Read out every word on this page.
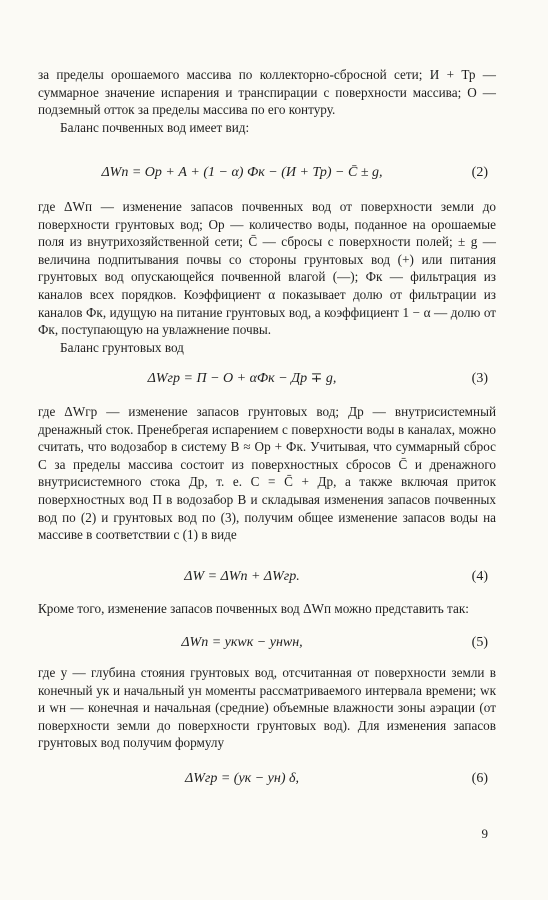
за пределы орошаемого массива по коллекторно-сбросной сети; И + Тр — суммарное значение испарения и транспирации с поверхности массива; О — подземный отток за пределы массива по его контуру.

Баланс почвенных вод имеет вид:

ΔWп = Ор + А + (1 − α) Фк − (И + Тр) − C̄ ± g,	(2)

где ΔWп — изменение запасов почвенных вод от поверхности земли до поверхности грунтовых вод; Ор — количество воды, поданное на орошаемые поля из внутрихозяйственной сети; C̄ — сбросы с поверхности полей; ± g — величина подпитывания почвы со стороны грунтовых вод (+) или питания грунтовых вод опускающейся почвенной влагой (—); Фк — фильтрация из каналов всех порядков. Коэффициент α показывает долю от фильтрации из каналов Фк, идущую на питание грунтовых вод, а коэффициент 1 − α — долю от Фк, поступающую на увлажнение почвы.

Баланс грунтовых вод

ΔWгр = П − О + αФк − Др ∓ g,	(3)

где ΔWгр — изменение запасов грунтовых вод; Др — внутрисистемный дренажный сток. Пренебрегая испарением с поверхности воды в каналах, можно считать, что водозабор в систему В ≈ Ор + Фк. Учитывая, что суммарный сброс С за пределы массива состоит из поверхностных сбросов C̄ и дренажного внутрисистемного стока Др, т. е. С = C̄ + Др, а также включая приток поверхностных вод П в водозабор В и складывая изменения запасов почвенных вод по (2) и грунтовых вод по (3), получим общее изменение запасов воды на массиве в соответствии с (1) в виде

ΔW = ΔWп + ΔWгр.	(4)

Кроме того, изменение запасов почвенных вод ΔWп можно представить так:

ΔWп = yкwк − yнwн,	(5)

где y — глубина стояния грунтовых вод, отсчитанная от поверхности земли в конечный yк и начальный yн моменты рассматриваемого интервала времени; wк и wн — конечная и начальная (средние) объемные влажности зоны аэрации (от поверхности земли до поверхности грунтовых вод). Для изменения запасов грунтовых вод получим формулу

ΔWгр = (yк − yн) δ,	(6)
9
